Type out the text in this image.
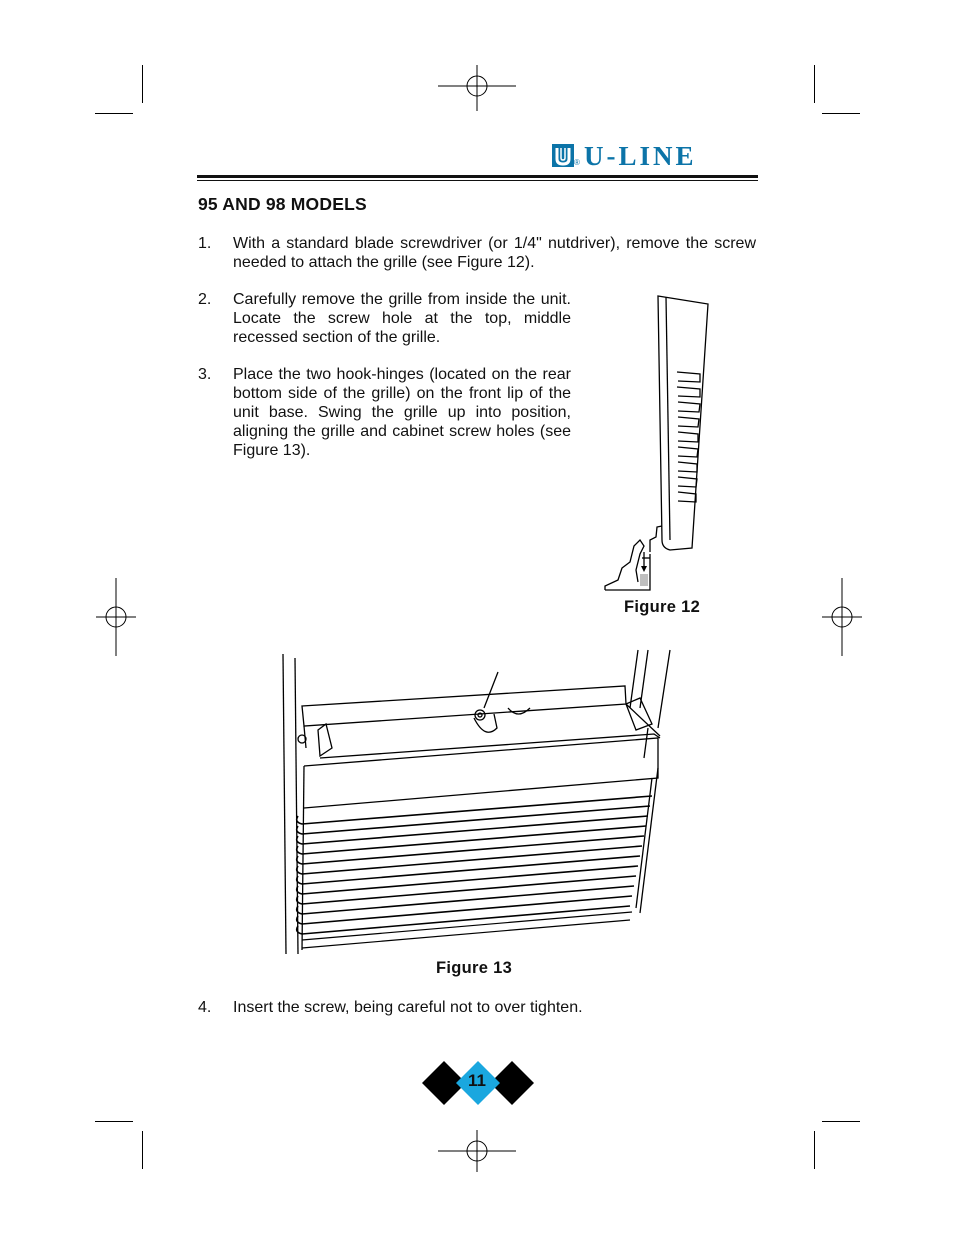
® U-LINE
95 AND 98 MODELS
1. With a standard blade screwdriver (or 1/4" nutdriver), remove the screw needed to attach the grille (see Figure 12).
2. Carefully remove the grille from inside the unit. Locate the screw hole at the top, middle recessed section of the grille.
3. Place the two hook-hinges (located on the rear bottom side of the grille) on the front lip of the unit base. Swing the grille up into position, aligning the grille and cabinet screw holes (see Figure 13).
Figure 12
Figure 13
4. Insert the screw, being careful not to over tighten.
11
